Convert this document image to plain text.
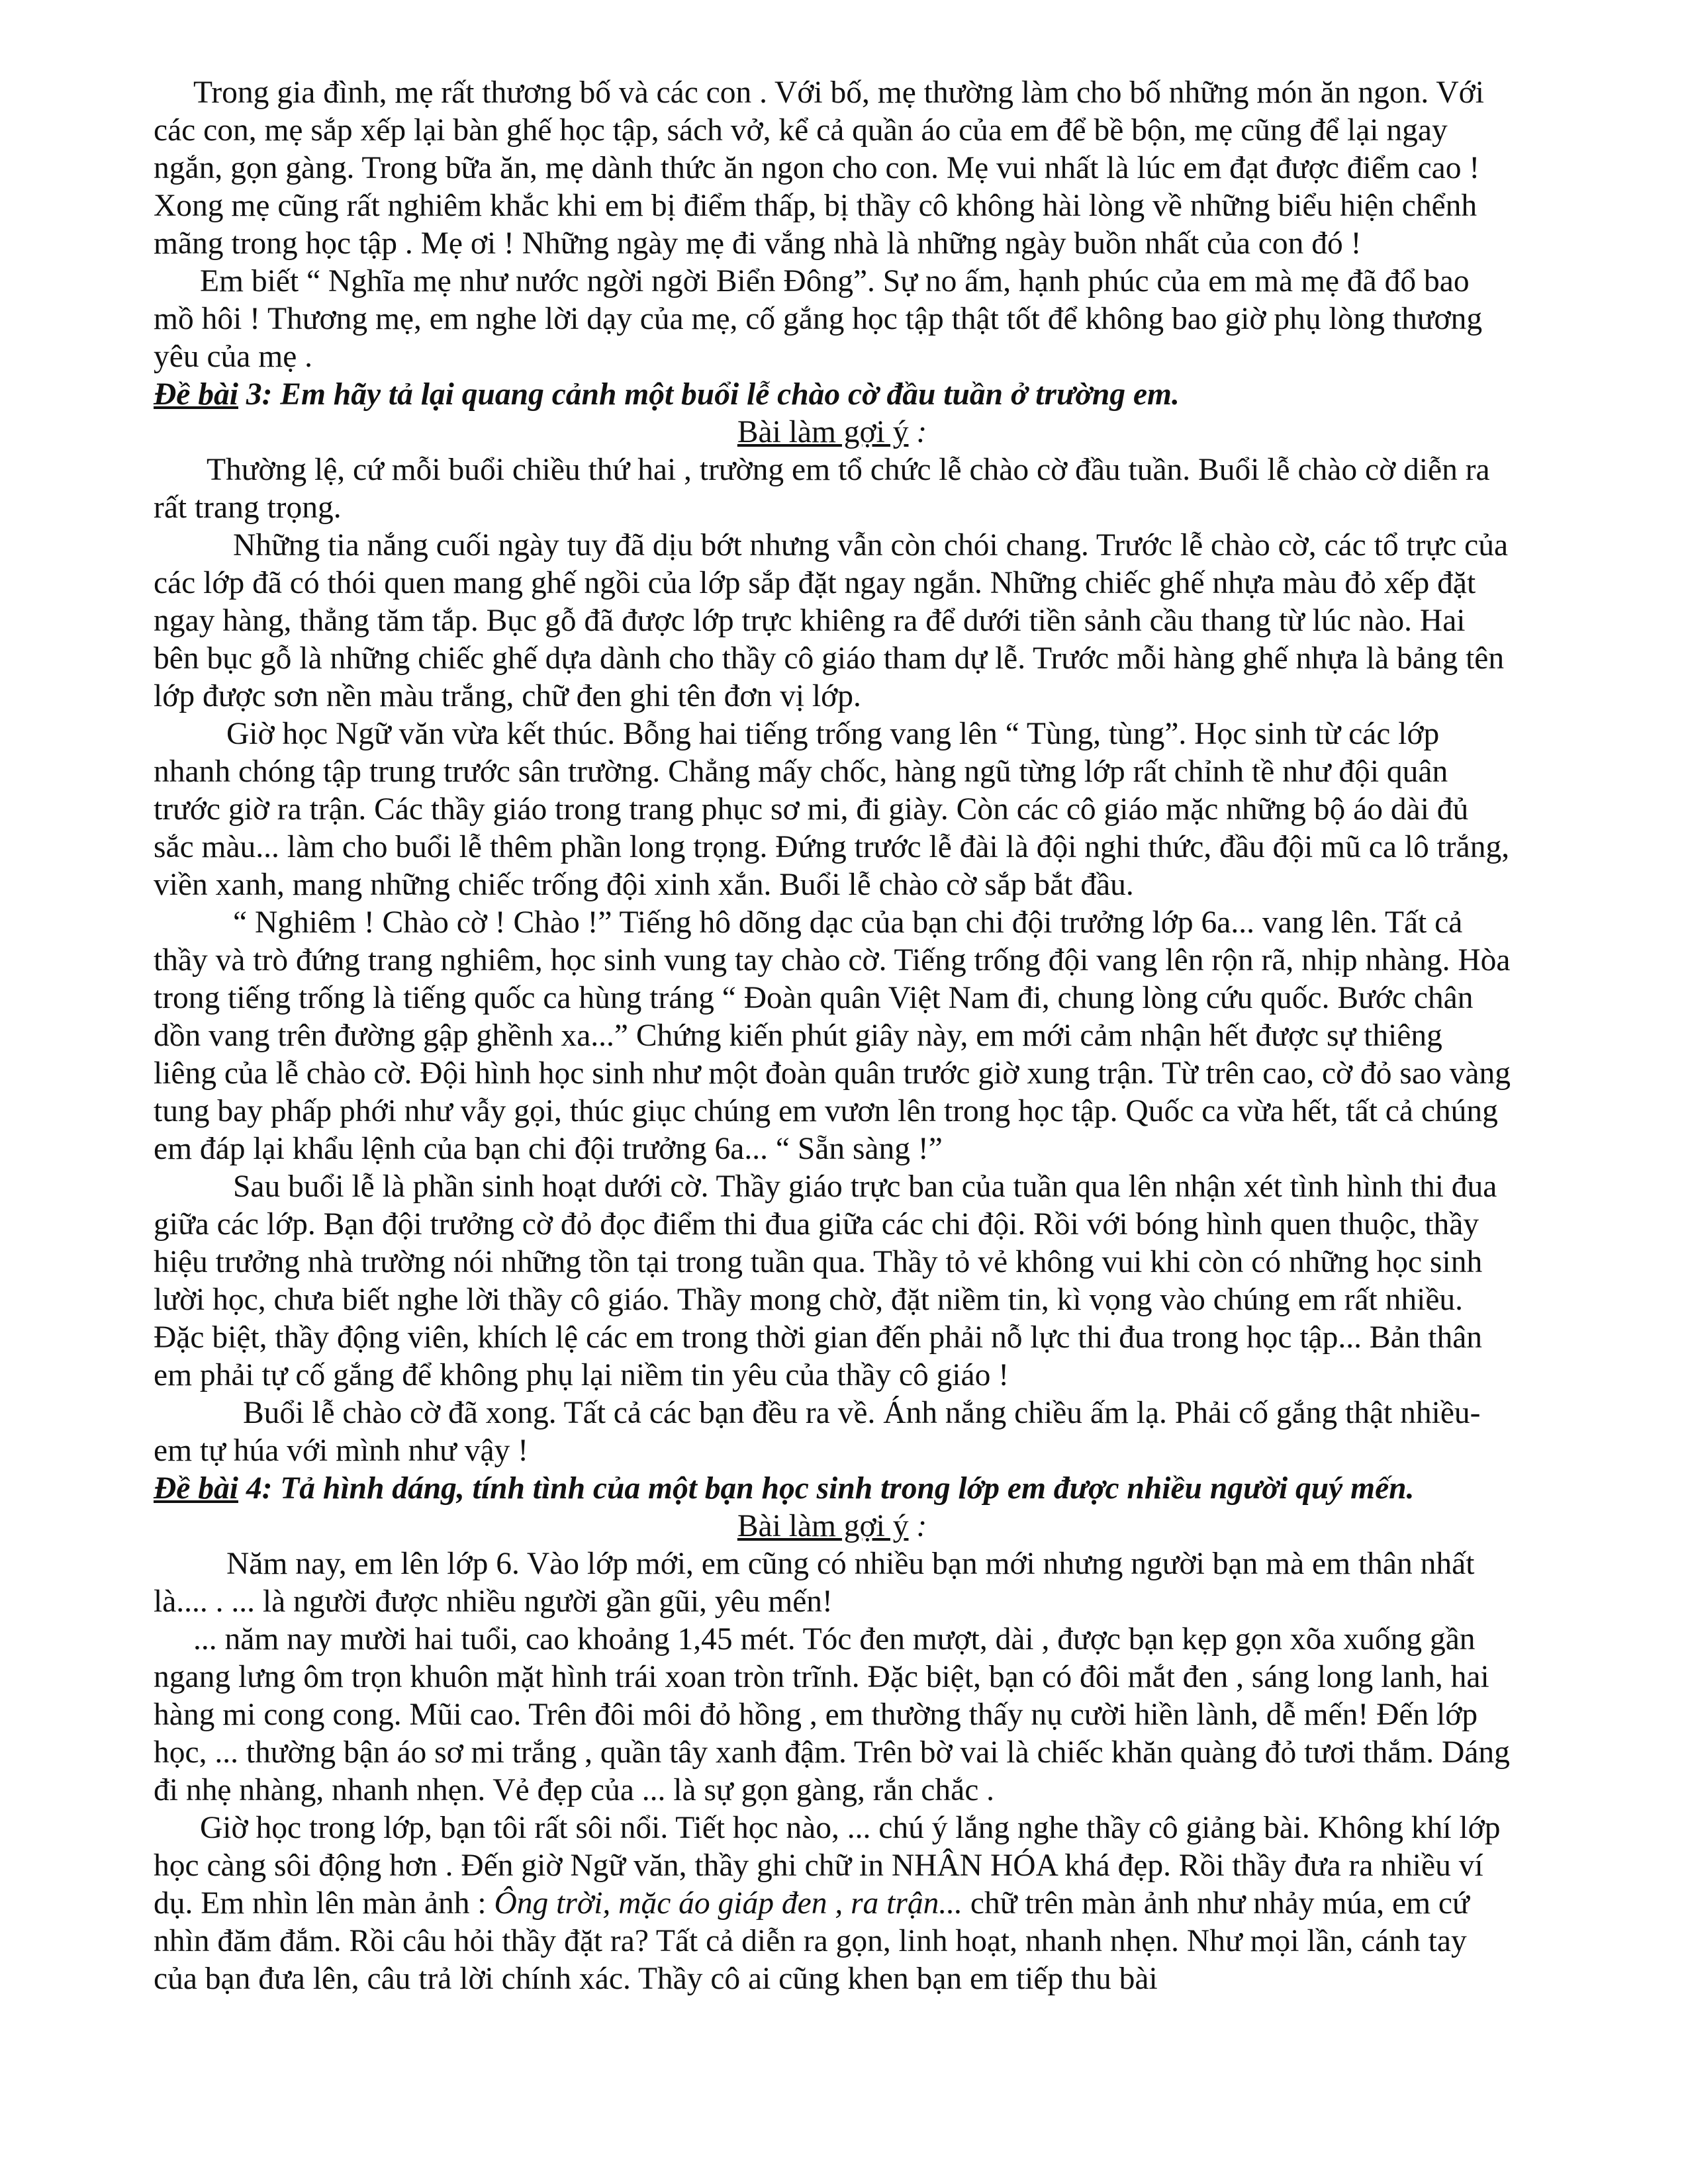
Trong gia đình, mẹ rất thương bố và các con . Với bố, mẹ thường làm cho bố những món ăn ngon. Với các con, mẹ sắp xếp lại bàn ghế học tập, sách vở, kể cả quần áo của em để bề bộn, mẹ cũng để lại ngay ngắn, gọn gàng. Trong bữa ăn, mẹ dành thức ăn ngon cho con. Mẹ vui nhất là lúc em đạt được điểm cao ! Xong mẹ cũng rất nghiêm khắc khi em bị điểm thấp, bị thầy cô không hài lòng về những biểu hiện chểnh mãng trong học tập . Mẹ ơi ! Những ngày mẹ đi vắng nhà là những ngày buồn nhất của con đó !

Em biết “ Nghĩa mẹ như nước ngời ngời Biển Đông”. Sự no ấm, hạnh phúc của em mà mẹ đã đổ bao mồ hôi ! Thương mẹ, em nghe lời dạy của mẹ, cố gắng học tập thật tốt để không bao giờ phụ lòng thương yêu của mẹ .

Đề bài 3: Em hãy tả lại quang cảnh một buổi lễ chào cờ đầu tuần ở trường em.

Bài làm gợi ý :

Thường lệ, cứ mỗi buổi chiều thứ hai , trường em tổ chức lễ chào cờ đầu tuần. Buổi lễ chào cờ diễn ra rất trang trọng.

Những tia nắng cuối ngày tuy đã dịu bớt nhưng vẫn còn chói chang. Trước lễ chào cờ, các tổ trực của các lớp đã có thói quen mang ghế ngồi của lớp sắp đặt ngay ngắn. Những chiếc ghế nhựa màu đỏ xếp đặt ngay hàng, thẳng tăm tắp. Bục gỗ đã được lớp trực khiêng ra để dưới tiền sảnh cầu thang từ lúc nào. Hai bên bục gỗ là những chiếc ghế dựa dành cho thầy cô giáo tham dự lễ. Trước mỗi hàng ghế nhựa là bảng tên lớp được sơn nền màu trắng, chữ đen ghi tên đơn vị lớp.

Giờ học Ngữ văn vừa kết thúc. Bỗng hai tiếng trống vang lên “ Tùng, tùng”. Học sinh từ các lớp nhanh chóng tập trung trước sân trường. Chẳng mấy chốc, hàng ngũ từng lớp rất chỉnh tề như đội quân trước giờ ra trận. Các thầy giáo trong trang phục sơ mi, đi giày. Còn các cô giáo mặc những bộ áo dài đủ sắc màu... làm cho buổi lễ thêm phần long trọng. Đứng trước lễ đài là đội nghi thức, đầu đội mũ ca lô trắng, viền xanh, mang những chiếc trống đội xinh xắn. Buổi lễ chào cờ sắp bắt đầu.

“ Nghiêm ! Chào cờ ! Chào !” Tiếng hô dõng dạc của bạn chi đội trưởng lớp 6a... vang lên. Tất cả thầy và trò đứng trang nghiêm, học sinh vung tay chào cờ. Tiếng trống đội vang lên rộn rã, nhịp nhàng. Hòa trong tiếng trống là tiếng quốc ca hùng tráng “ Đoàn quân Việt Nam đi, chung lòng cứu quốc. Bước chân dồn vang trên đường gập ghềnh xa...” Chứng kiến phút giây này, em mới cảm nhận hết được sự thiêng liêng của lễ chào cờ. Đội hình học sinh như một đoàn quân trước giờ xung trận. Từ trên cao, cờ đỏ sao vàng tung bay phấp phới như vẫy gọi, thúc giục chúng em vươn lên trong học tập. Quốc ca vừa hết, tất cả chúng em đáp lại khẩu lệnh của bạn chi đội trưởng 6a... “ Sẵn sàng !”

Sau buổi lễ là phần sinh hoạt dưới cờ. Thầy giáo trực ban của tuần qua lên nhận xét tình hình thi đua giữa các lớp. Bạn đội trưởng cờ đỏ đọc điểm thi đua giữa các chi đội. Rồi với bóng hình quen thuộc, thầy hiệu trưởng nhà trường nói những tồn tại trong tuần qua. Thầy tỏ vẻ không vui khi còn có những học sinh lười học, chưa biết nghe lời thầy cô giáo. Thầy mong chờ, đặt niềm tin, kì vọng vào chúng em rất nhiều. Đặc biệt, thầy động viên, khích lệ các em trong thời gian đến phải nỗ lực thi đua trong học tập... Bản thân em phải tự cố gắng để không phụ lại niềm tin yêu của thầy cô giáo !

Buổi lễ chào cờ đã xong. Tất cả các bạn đều ra về. Ánh nắng chiều ấm lạ. Phải cố gắng thật nhiều- em tự húa với mình như vậy !

Đề bài 4: Tả hình dáng, tính tình của một bạn học sinh trong lớp em được nhiều người quý mến.

Bài làm gợi ý :

Năm nay, em lên lớp 6. Vào lớp mới, em cũng có nhiều bạn mới nhưng người bạn mà em thân nhất là.... . ... là người được nhiều người gần gũi, yêu mến!

... năm nay mười hai tuổi, cao khoảng 1,45 mét. Tóc đen mượt, dài , được bạn kẹp gọn xõa xuống gần ngang lưng ôm trọn khuôn mặt hình trái xoan tròn trĩnh. Đặc biệt, bạn có đôi mắt đen , sáng long lanh, hai hàng mi cong cong. Mũi cao. Trên đôi môi đỏ hồng , em thường thấy nụ cười hiền lành, dễ mến! Đến lớp học, ... thường bận áo sơ mi trắng , quần tây xanh đậm. Trên bờ vai là chiếc khăn quàng đỏ tươi thắm. Dáng đi nhẹ nhàng, nhanh nhẹn. Vẻ đẹp của ... là sự gọn gàng, rắn chắc .

Giờ học trong lớp, bạn tôi rất sôi nổi. Tiết học nào, ... chú ý lắng nghe thầy cô giảng bài. Không khí lớp học càng sôi động hơn . Đến giờ Ngữ văn, thầy ghi chữ in NHÂN HÓA khá đẹp. Rồi thầy đưa ra nhiều ví dụ. Em nhìn lên màn ảnh : Ông trời, mặc áo giáp đen , ra trận... chữ trên màn ảnh như nhảy múa, em cứ nhìn đăm đắm. Rồi câu hỏi thầy đặt ra? Tất cả diễn ra gọn, linh hoạt, nhanh nhẹn. Như mọi lần, cánh tay của bạn đưa lên, câu trả lời chính xác. Thầy cô ai cũng khen bạn em tiếp thu bài
